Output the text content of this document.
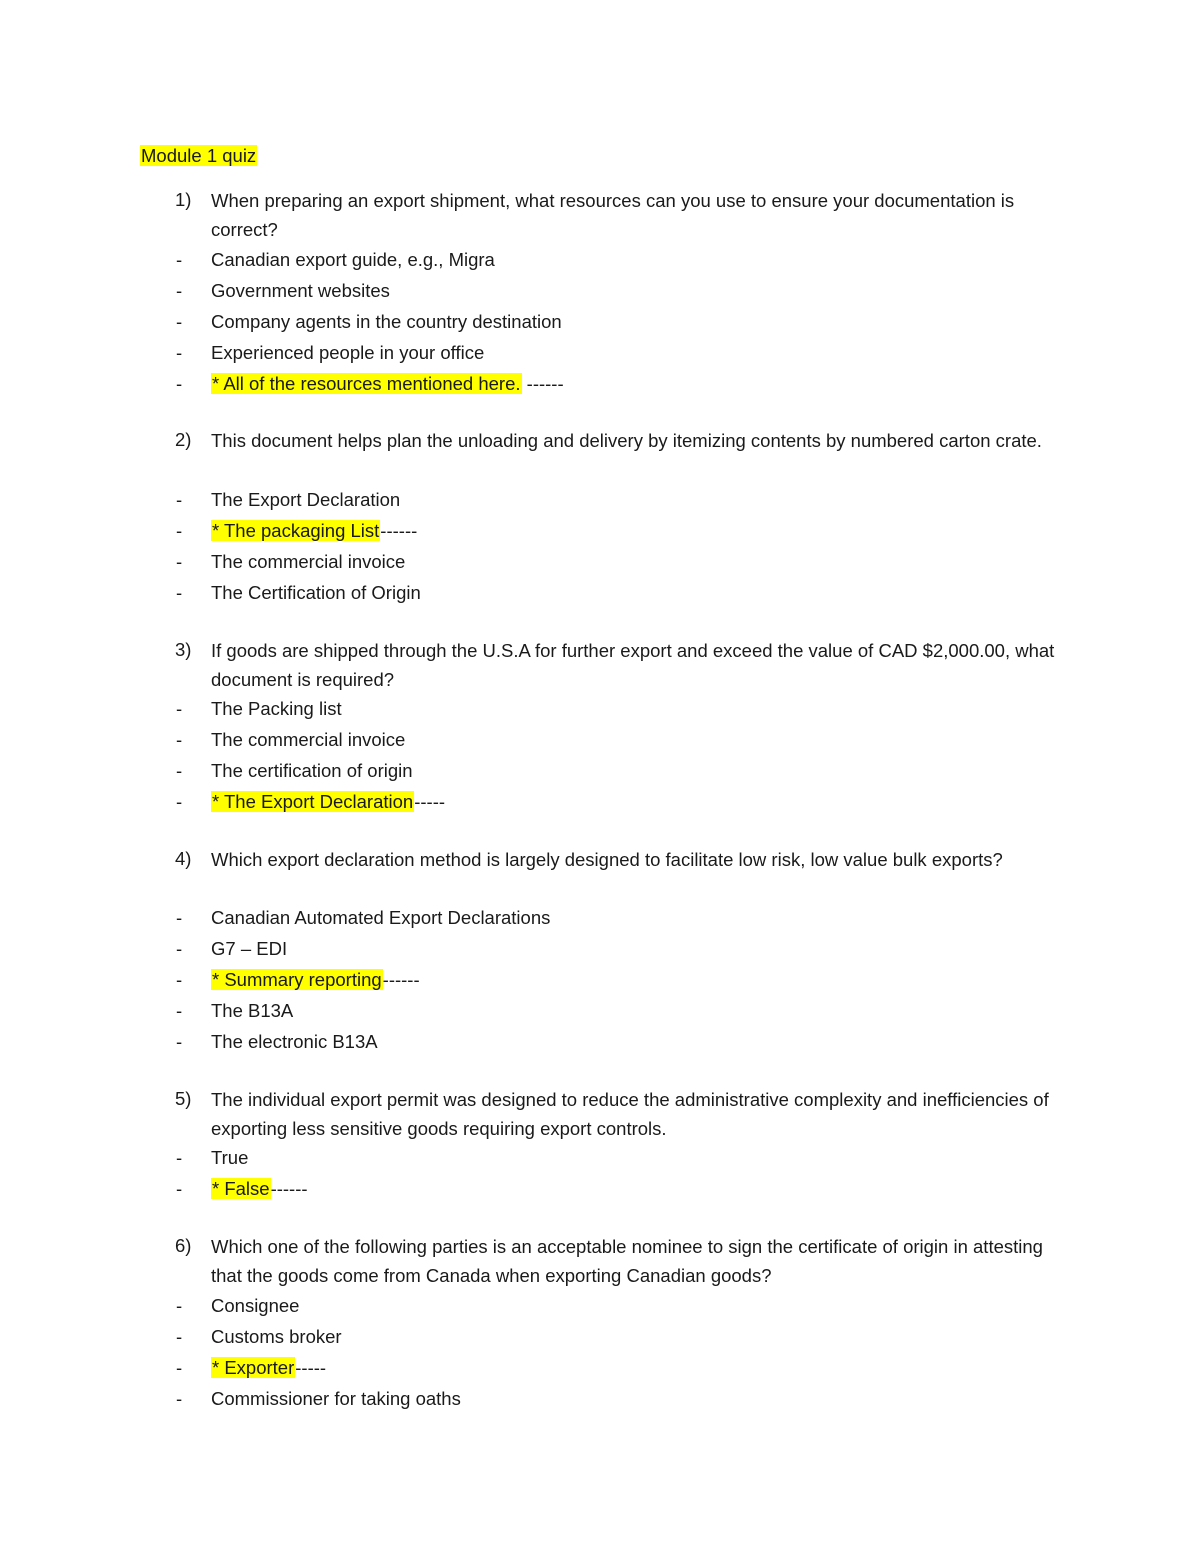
Module 1 quiz
1) When preparing an export shipment, what resources can you use to ensure your documentation is correct?
- Canadian export guide, e.g., Migra
- Government websites
- Company agents in the country destination
- Experienced people in your office
- * All of the resources mentioned here. ------
2) This document helps plan the unloading and delivery by itemizing contents by numbered carton crate.
- The Export Declaration
- * The packaging List------
- The commercial invoice
- The Certification of Origin
3) If goods are shipped through the U.S.A for further export and exceed the value of CAD $2,000.00, what document is required?
- The Packing list
- The commercial invoice
- The certification of origin
- * The Export Declaration-----
4) Which export declaration method is largely designed to facilitate low risk, low value bulk exports?
- Canadian Automated Export Declarations
- G7 – EDI
- * Summary reporting------
- The B13A
- The electronic B13A
5) The individual export permit was designed to reduce the administrative complexity and inefficiencies of exporting less sensitive goods requiring export controls.
- True
- * False------
6) Which one of the following parties is an acceptable nominee to sign the certificate of origin in attesting that the goods come from Canada when exporting Canadian goods?
- Consignee
- Customs broker
- * Exporter-----
- Commissioner for taking oaths
